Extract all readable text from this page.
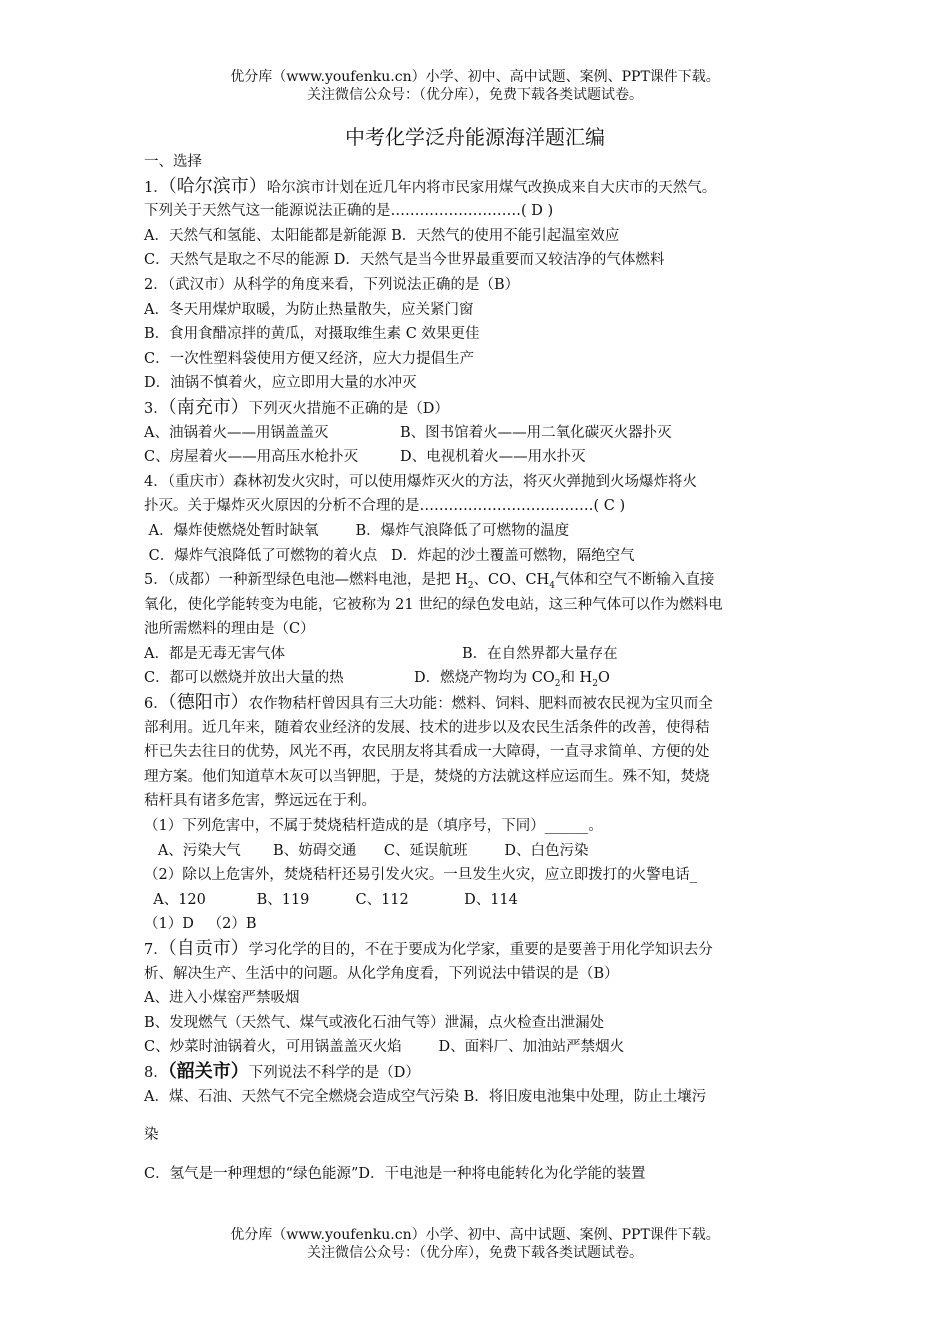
优分库（www.youfenku.cn）小学、初中、高中试题、案例、PPT课件下载。
关注微信公众号：（优分库），免费下载各类试题试卷。
中考化学泛舟能源海洋题汇编
一、选择
1．（哈尔滨市）哈尔滨市计划在近几年内将市民家用煤气改换成来自大庆市的天然气。
下列关于天然气这一能源说法正确的是………………………( D )
A．天然气和氢能、太阳能都是新能源 B．天然气的使用不能引起温室效应
C．天然气是取之不尽的能源 D．天然气是当今世界最重要而又较洁净的气体燃料
2．（武汉市）从科学的角度来看，下列说法正确的是（B）
A．冬天用煤炉取暖，为防止热量散失，应关紧门窗
B．食用食醋凉拌的黄瓜，对摄取维生素 C 效果更佳
C．一次性塑料袋使用方便又经济，应大力提倡生产
D．油锅不慎着火，应立即用大量的水冲灭
3．（南充市）下列灭火措施不正确的是（D）
A、油锅着火——用锅盖盖灭	B、图书馆着火——用二氧化碳灭火器扑灭
C、房屋着火——用高压水枪扑灭	D、电视机着火——用水扑灭
4．（重庆市）森林初发火灾时，可以使用爆炸灭火的方法，将灭火弹抛到火场爆炸将火
扑灭。关于爆炸灭火原因的分析不合理的是………………………………( C )
A．爆炸使燃烧处暂时缺氧        B．爆炸气浪降低了可燃物的温度
C．爆炸气浪降低了可燃物的着火点   D．炸起的沙土覆盖可燃物，隔绝空气
5．（成都）一种新型绿色电池—燃料电池，是把 $H_2$、CO、$CH_4$气体和空气不断输入直接
氧化，使化学能转变为电能，它被称为 21 世纪的绿色发电站，这三种气体可以作为燃料电
池所需燃料的理由是（C）
A．都是无毒无害气体	B．在自然界都大量存在
C．都可以燃烧并放出大量的热	D．燃烧产物均为 $CO_2$和 $H_2O$
6．（德阳市）农作物秸杆曾因具有三大功能：燃料、饲料、肥料而被农民视为宝贝而全
部利用。近几年来，随着农业经济的发展、技术的进步以及农民生活条件的改善，使得秸
杆已失去往日的优势，风光不再，农民朋友将其看成一大障碍，一直寻求简单、方便的处
理方案。他们知道草木灰可以当钾肥，于是，焚烧的方法就这样应运而生。殊不知，焚烧
秸杆具有诸多危害，弊远远在于利。
（1）下列危害中，不属于焚烧秸杆造成的是（填序号，下同）______。
A、污染大气       B、妨碍交通      C、延误航班        D、白色污染
（2）除以上危害外，焚烧秸杆还易引发火灾。一旦发生火灾，应立即拨打的火警电话_
A、120           B、119          C、112            D、114
（1）D   （2）B
7．（自贡市）学习化学的目的，不在于要成为化学家，重要的是要善于用化学知识去分
析、解决生产、生活中的问题。从化学角度看，下列说法中错误的是（B）
A、进入小煤窑严禁吸烟
B、发现燃气（天然气、煤气或液化石油气等）泄漏，点火检查出泄漏处
C、炒菜时油锅着火，可用锅盖盖灭火焰        D、面料厂、加油站严禁烟火
8．（韶关市）下列说法不科学的是（D）
A．煤、石油、天然气不完全燃烧会造成空气污染 B．将旧废电池集中处理，防止土壤污
染
C．氢气是一种理想的“绿色能源”D．干电池是一种将电能转化为化学能的装置
优分库（www.youfenku.cn）小学、初中、高中试题、案例、PPT课件下载。
关注微信公众号：（优分库），免费下载各类试题试卷。
